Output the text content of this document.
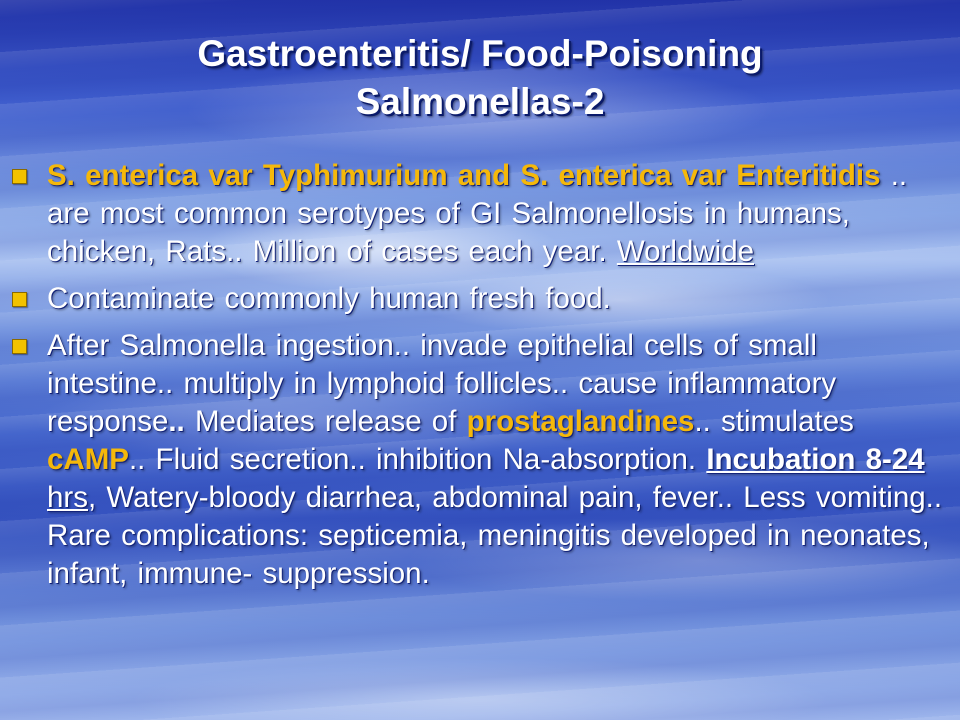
Gastroenteritis/ Food-Poisoning
Salmonellas-2
S. enterica var Typhimurium and S. enterica var Enteritidis .. are most common serotypes of GI Salmonellosis in humans, chicken, Rats.. Million of cases each year. Worldwide
Contaminate commonly human fresh food.
After Salmonella ingestion.. invade epithelial cells of small intestine.. multiply in lymphoid follicles.. cause inflammatory response.. Mediates release of prostaglandines.. stimulates cAMP.. Fluid secretion.. inhibition Na-absorption. Incubation 8-24 hrs, Watery-bloody diarrhea, abdominal pain, fever.. Less vomiting.. Rare complications: septicemia, meningitis developed in neonates, infant, immune- suppression.
